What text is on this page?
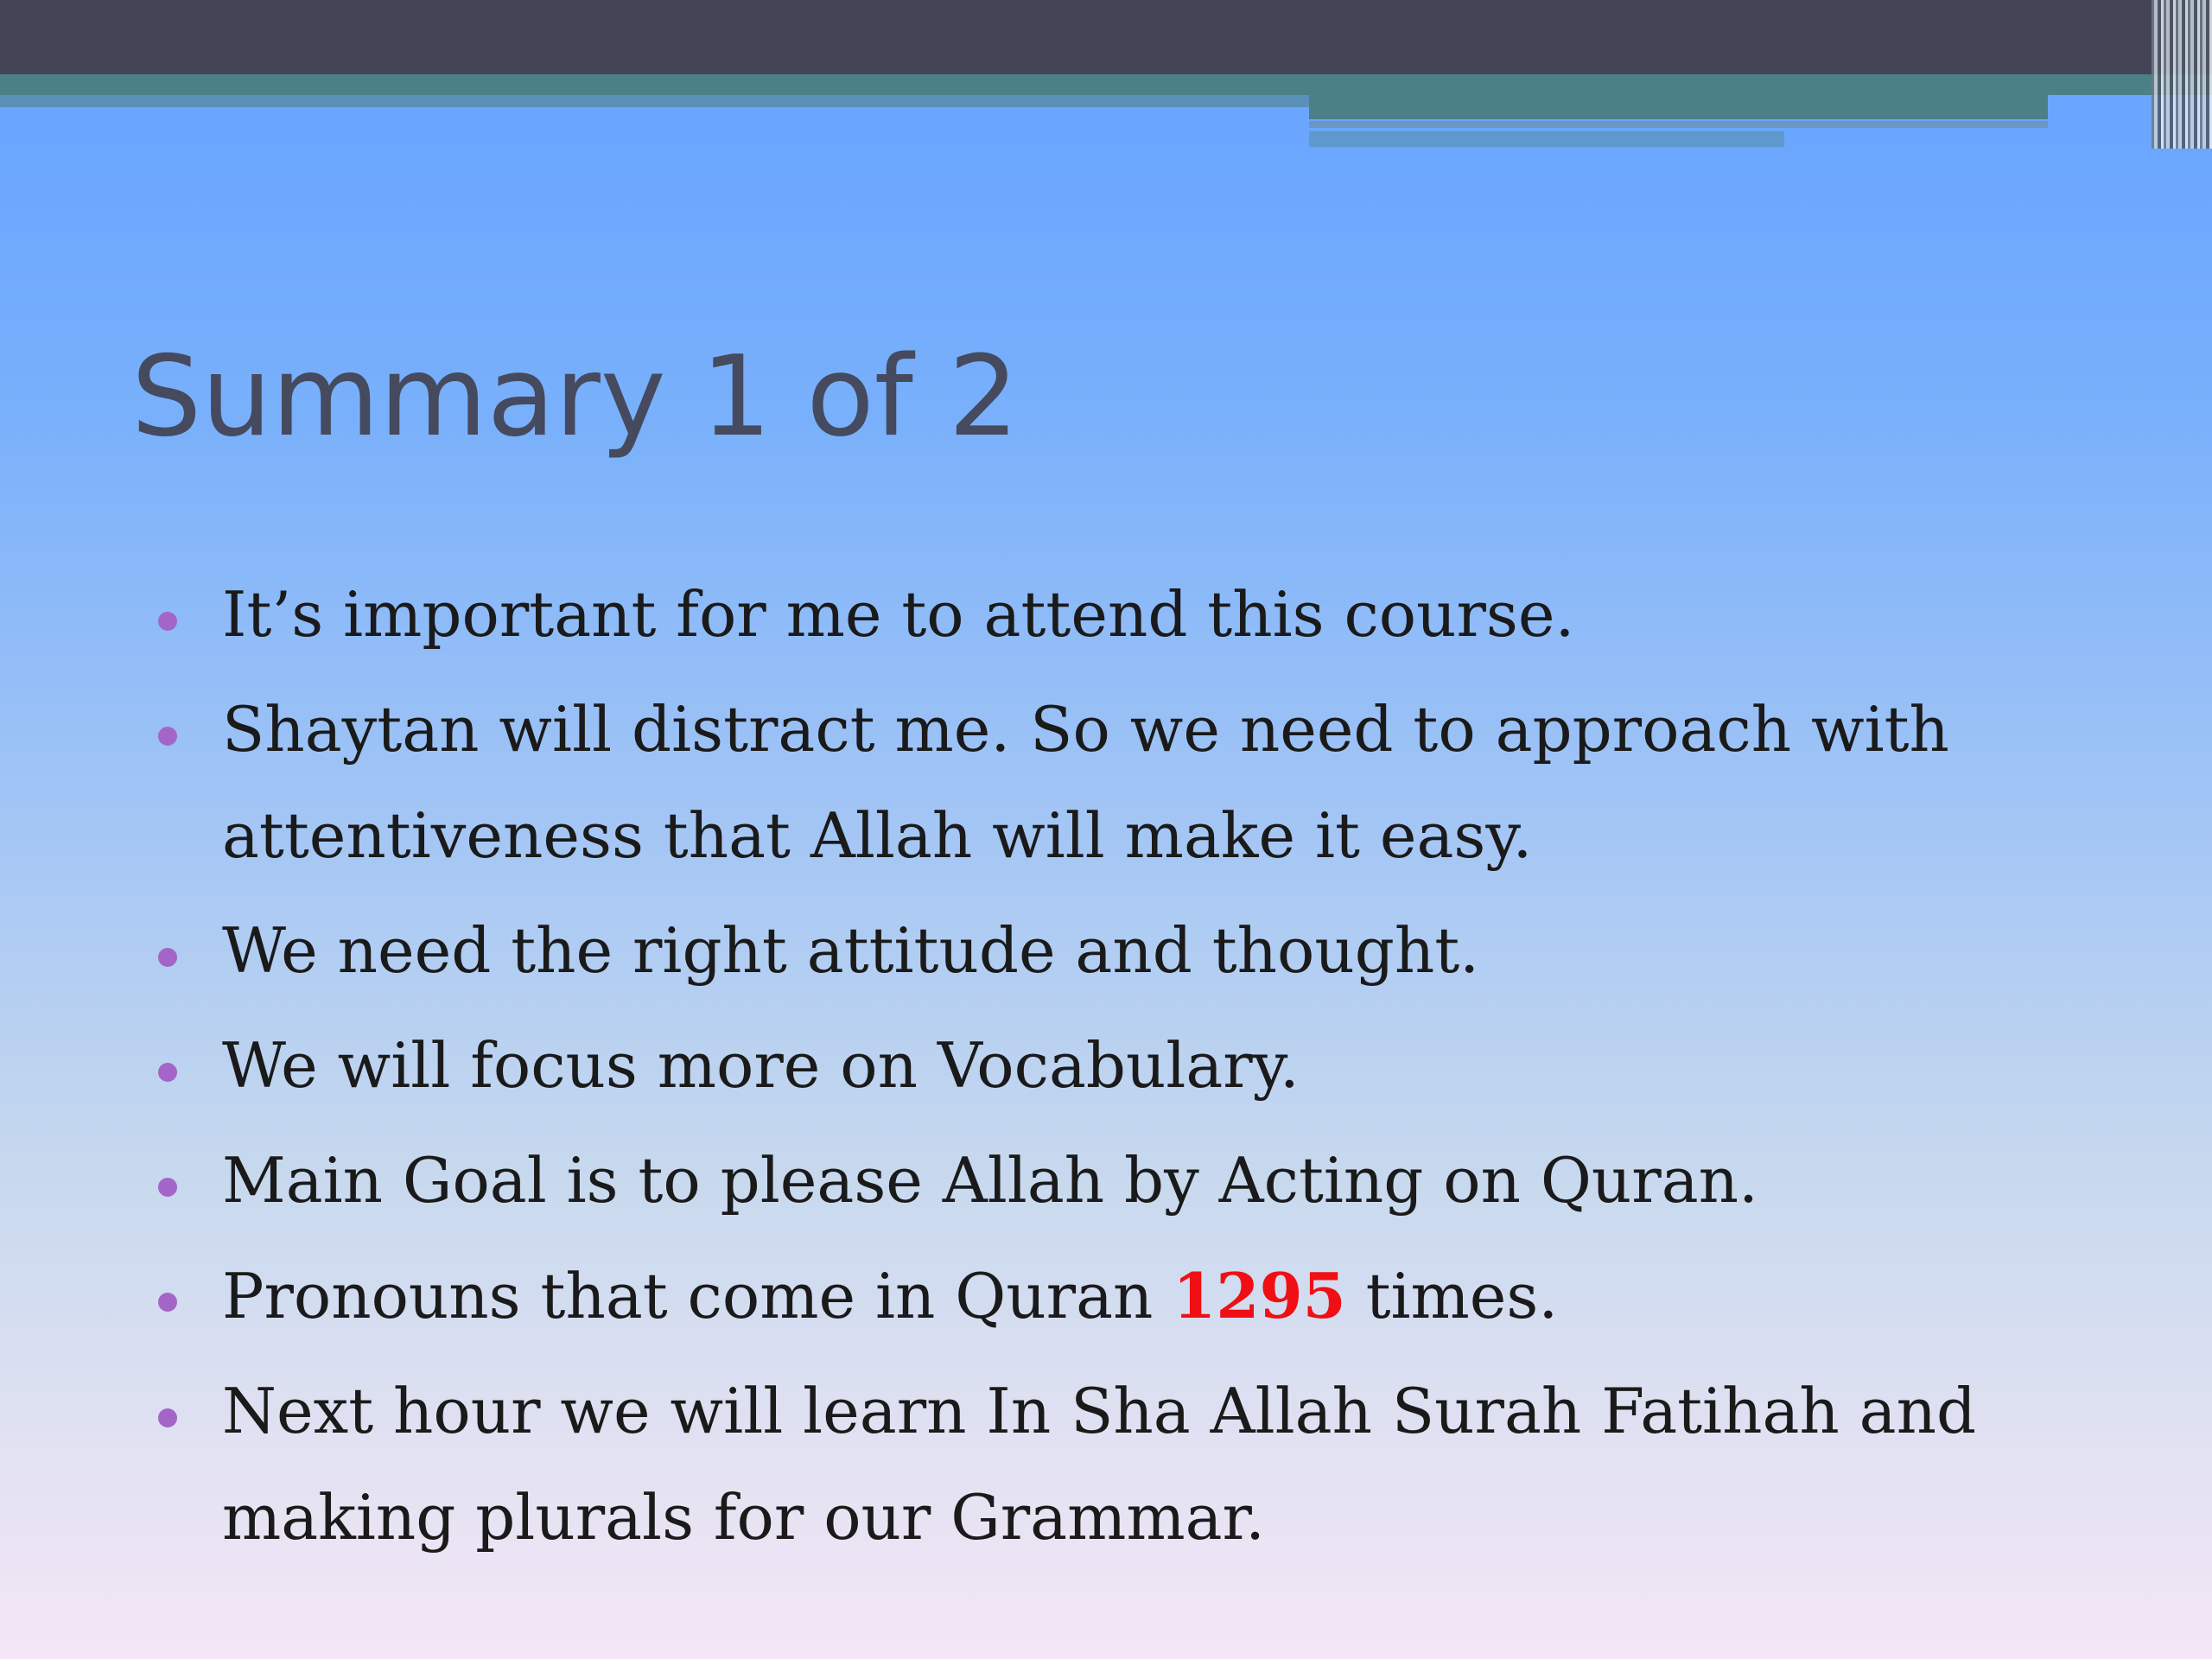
Summary 1 of 2
It’s important for me to attend this course.
Shaytan will distract me. So we need to approach with attentiveness that Allah will make it easy.
We need the right attitude and thought.
We will focus more on Vocabulary.
Main Goal is to please Allah by Acting on Quran.
Pronouns that come in Quran 1295 times.
Next hour we will learn In Sha Allah Surah Fatihah and making plurals for our Grammar.
